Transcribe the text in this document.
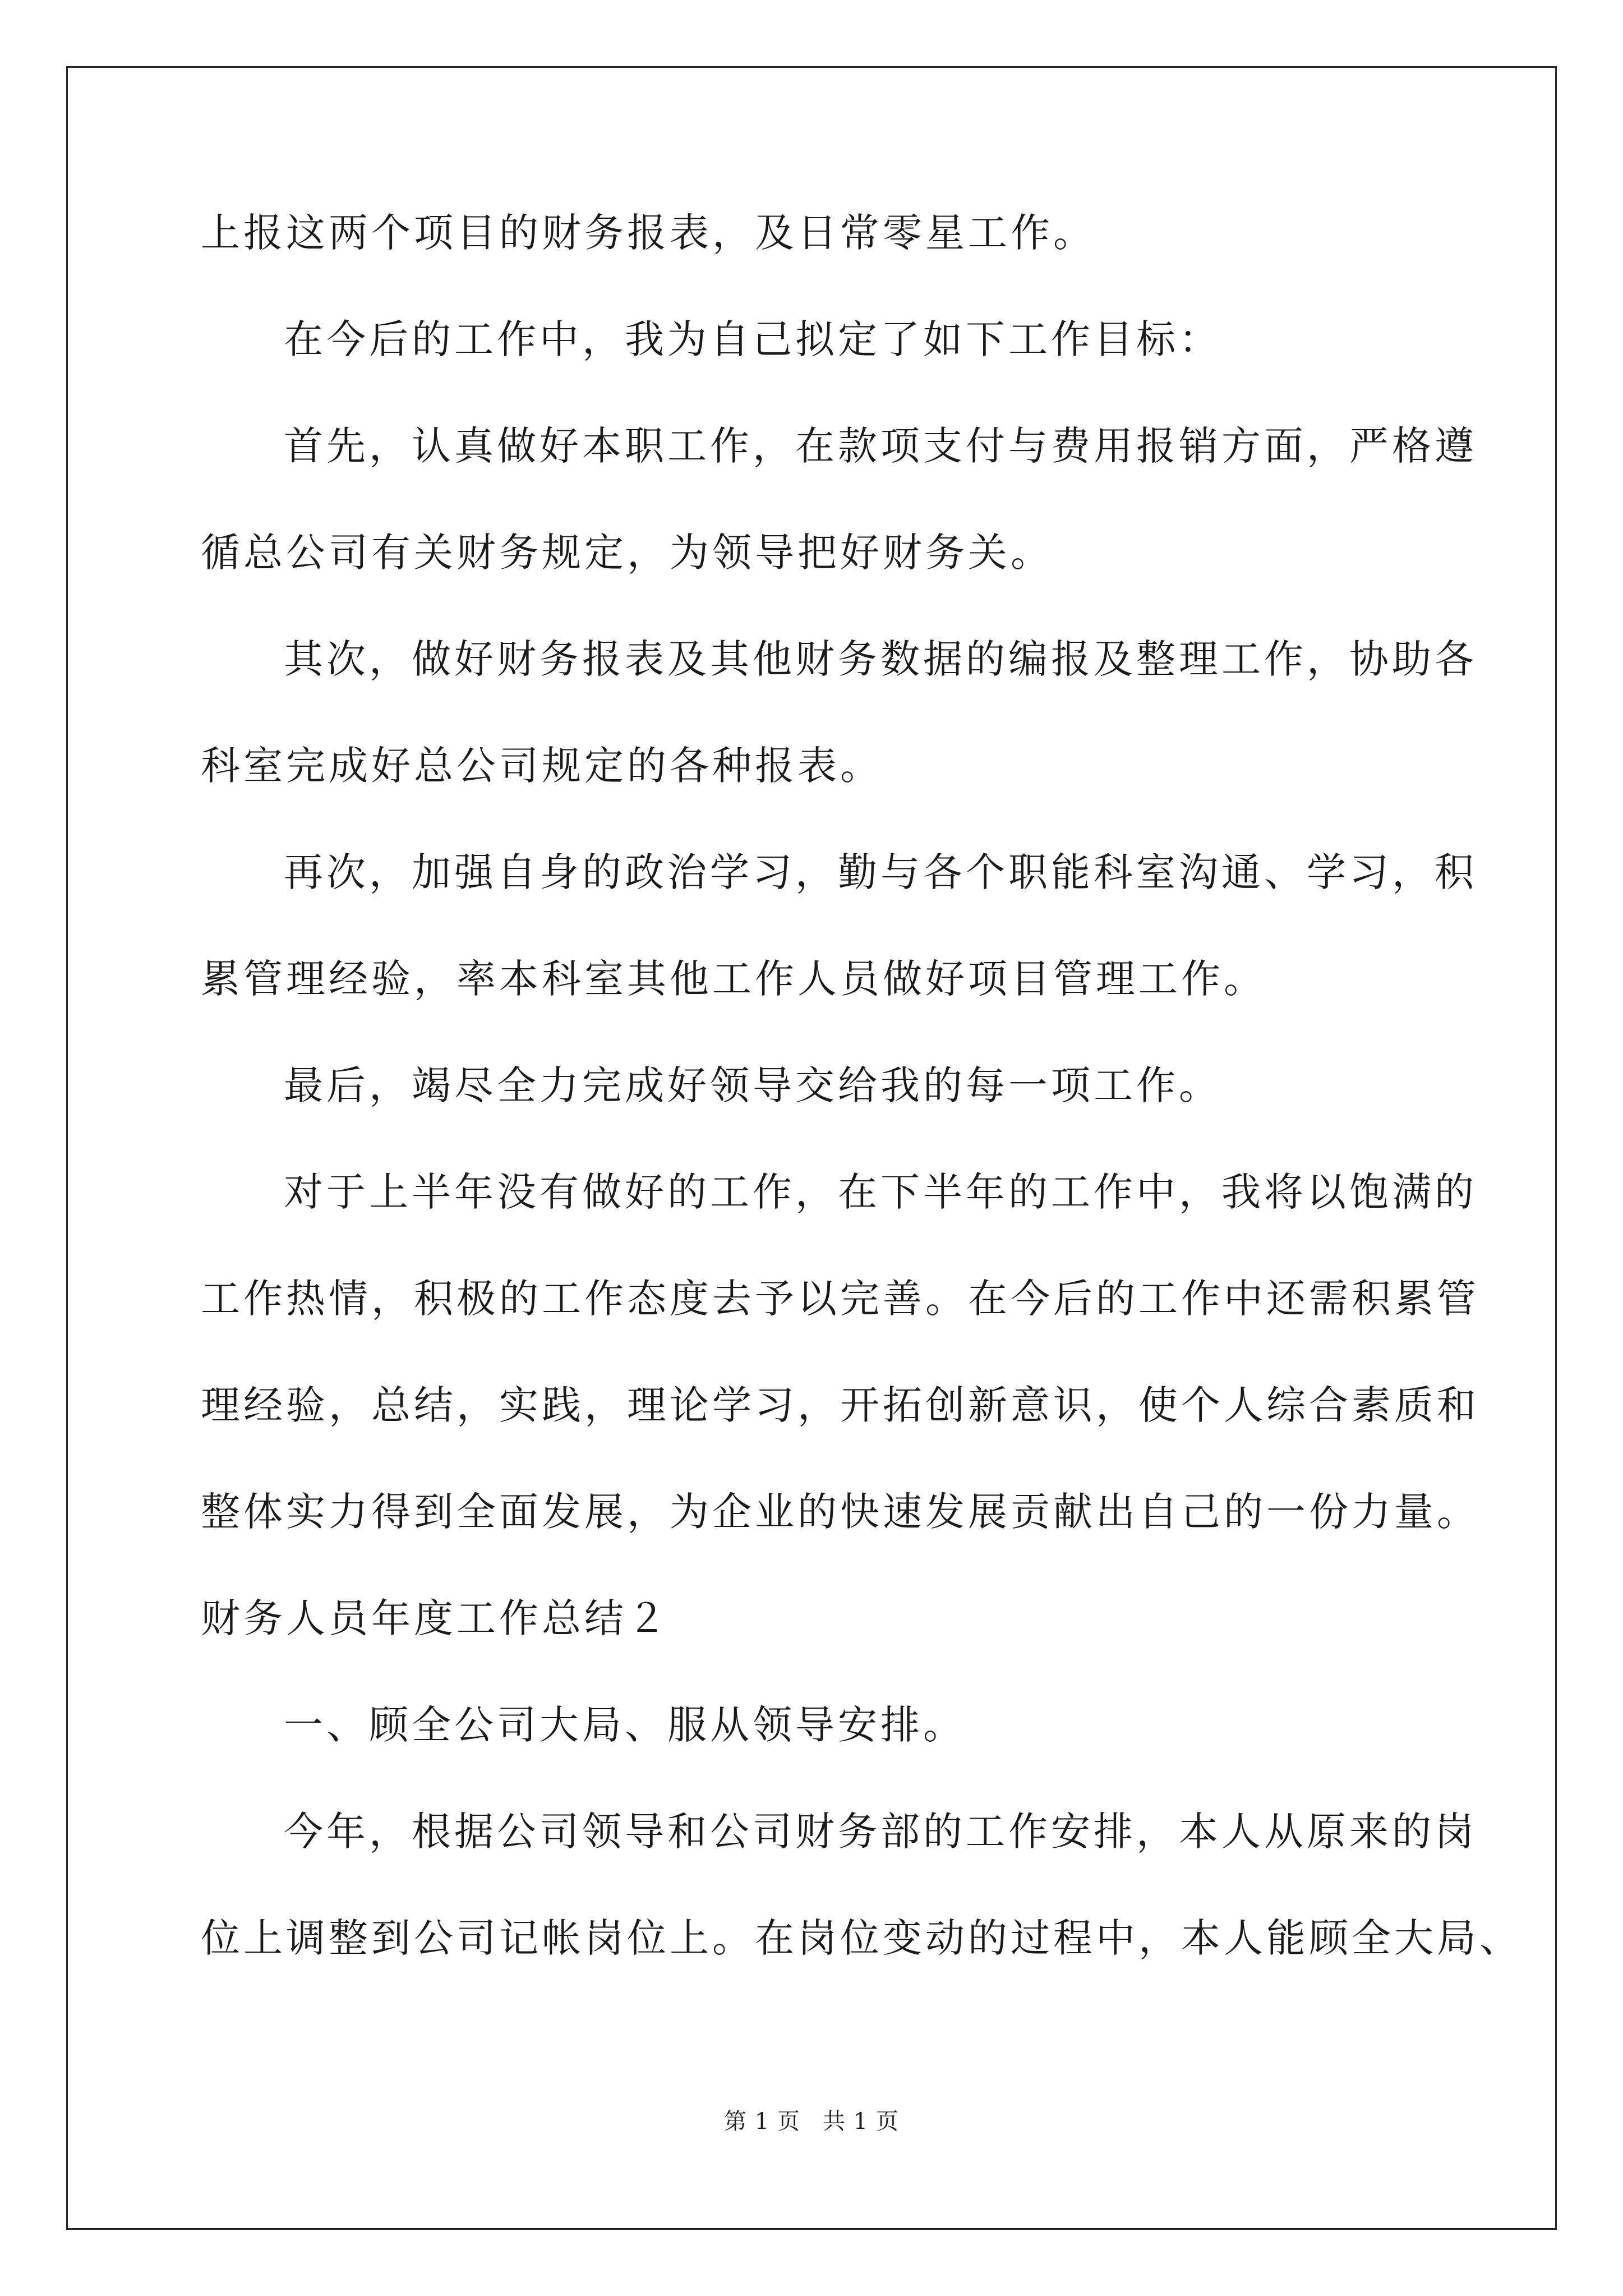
上报这两个项目的财务报表，及日常零星工作。
在今后的工作中，我为自己拟定了如下工作目标：
首先，认真做好本职工作，在款项支付与费用报销方面，严格遵
循总公司有关财务规定，为领导把好财务关。
其次，做好财务报表及其他财务数据的编报及整理工作，协助各
科室完成好总公司规定的各种报表。
再次，加强自身的政治学习，勤与各个职能科室沟通、学习，积
累管理经验，率本科室其他工作人员做好项目管理工作。
最后，竭尽全力完成好领导交给我的每一项工作。
对于上半年没有做好的工作，在下半年的工作中，我将以饱满的
工作热情，积极的工作态度去予以完善。在今后的工作中还需积累管
理经验，总结，实践，理论学习，开拓创新意识，使个人综合素质和
整体实力得到全面发展，为企业的快速发展贡献出自己的一份力量。
财务人员年度工作总结２
一、顾全公司大局、服从领导安排。
今年，根据公司领导和公司财务部的工作安排，本人从原来的岗
位上调整到公司记帐岗位上。在岗位变动的过程中，本人能顾全大局、
第 1 页 共 1 页
